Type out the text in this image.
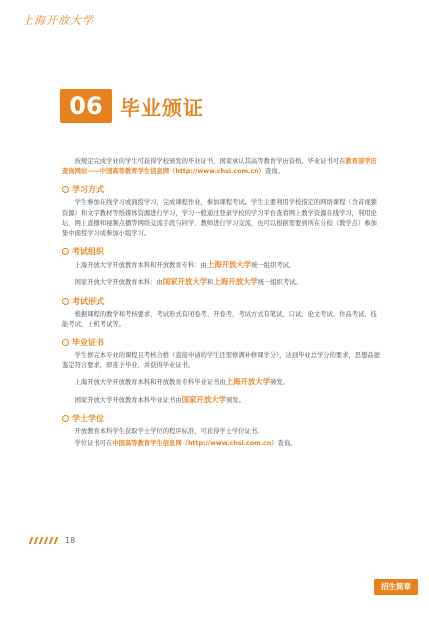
上海开放大学
06 毕业颁证

按规定完成学业的学生可获得学校颁发的毕业证书，国家承认其高等教育学历资格。毕业证书可在教育部学历查询网站——中国高等教育学生信息网（http://www.chsi.com.cn）查询。

学习方式

学生参加在线学习或面授学习，完成课程作业，参加课程考试。学生主要利用学校指定的网络课程（含音视频资源）和文字教材等纸媒体资源进行学习，学习一般通过登录学校的学习平台查看网上教学资源在线学习，利用论坛、网上直播和视频点播等网络交流手段与同学、教师进行学习交流，也可以根据需要到所在分校（教学点）参加集中面授学习或参加小组学习。

考试组织

上海开放大学开放教育本科和开放教育专科：由上海开放大学统一组织考试。

国家开放大学开放教育本科：由国家开放大学和上海开放大学统一组织考试。

考试形式

根据课程的教学和考核要求，考试形式有闭卷考、开卷考，考试方式有笔试、口试、论文考试、作品考试、技能考试、上机考试等。

毕业证书

学生修完本专业的课程且考核合格（直接申请的学生还需修满补修课学分），达到毕业总学分的要求，思想品德鉴定符合要求，即准予毕业，并获得毕业证书。

上海开放大学开放教育本科和开放教育专科毕业证书由上海开放大学颁发。

国家开放大学开放教育本科毕业证书由国家开放大学颁发。

学士学位

开放教育本科学生获取学士学位的程序标准，可获得学士学位证书。

学位证书可在中国高等教育学生信息网（http://www.chsi.com.cn）查询。

18
招生简章
